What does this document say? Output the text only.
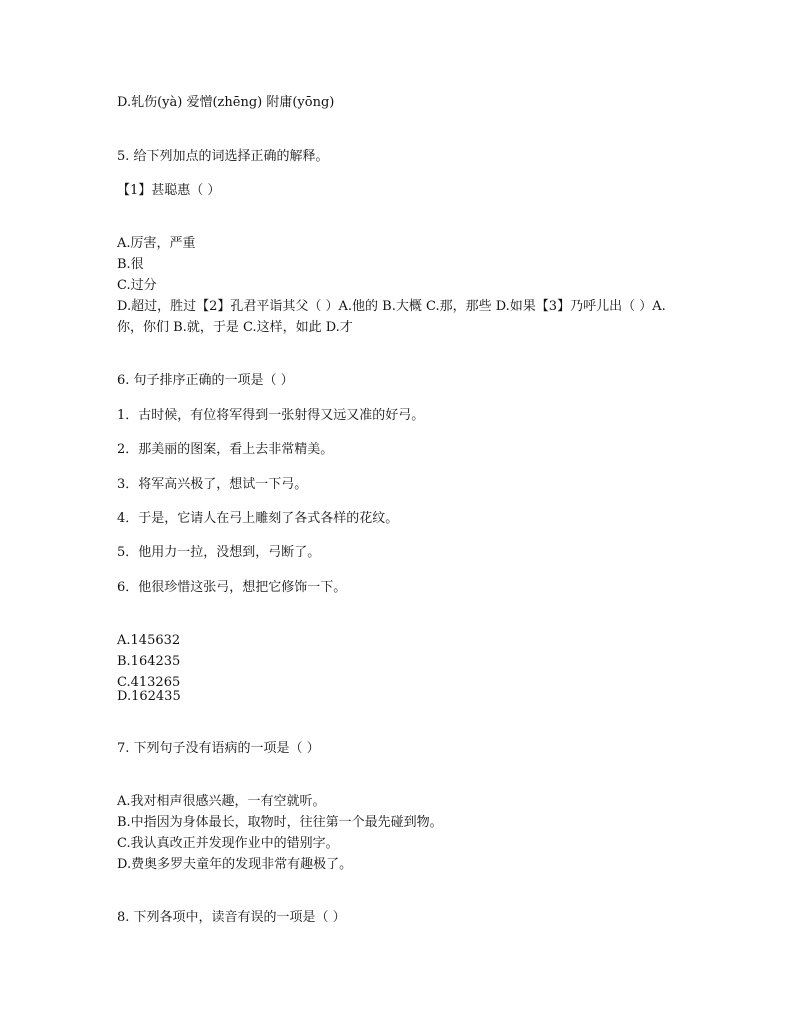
D.轧伤(yà) 爱憎(zhēng) 附庸(yōng)
5. 给下列加点的词选择正确的解释。
【1】甚聪惠（ ）
A.厉害，严重
B.很
C.过分
D.超过，胜过【2】孔君平诣其父（ ）A.他的 B.大概 C.那，那些 D.如果【3】乃呼儿出（ ）A.你，你们 B.就，于是 C.这样，如此 D.才
6. 句子排序正确的一项是（ ）
1．古时候，有位将军得到一张射得又远又准的好弓。
2．那美丽的图案，看上去非常精美。
3．将军高兴极了，想试一下弓。
4．于是，它请人在弓上雕刻了各式各样的花纹。
5．他用力一拉，没想到，弓断了。
6．他很珍惜这张弓，想把它修饰一下。
A.145632
B.164235
C.413265
D.162435
7. 下列句子没有语病的一项是（ ）
A.我对相声很感兴趣，一有空就听。
B.中指因为身体最长，取物时，往往第一个最先碰到物。
C.我认真改正并发现作业中的错别字。
D.费奥多罗夫童年的发现非常有趣极了。
8. 下列各项中，读音有误的一项是（ ）
